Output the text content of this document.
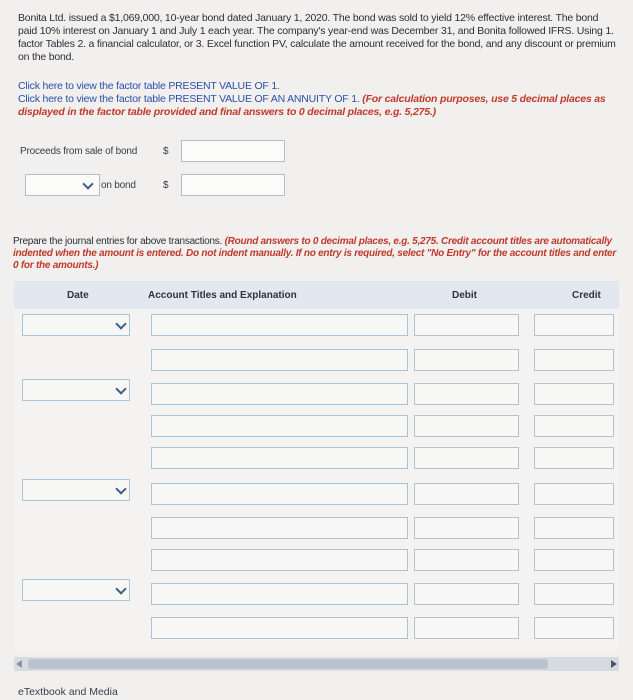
Bonita Ltd. issued a $1,069,000, 10-year bond dated January 1, 2020. The bond was sold to yield 12% effective interest. The bond paid 10% interest on January 1 and July 1 each year. The company's year-end was December 31, and Bonita followed IFRS. Using 1. factor Tables 2. a financial calculator, or 3. Excel function PV, calculate the amount received for the bond, and any discount or premium on the bond.
Click here to view the factor table PRESENT VALUE OF 1.
Click here to view the factor table PRESENT VALUE OF AN ANNUITY OF 1. (For calculation purposes, use 5 decimal places as displayed in the factor table provided and final answers to 0 decimal places, e.g. 5,275.)
Proceeds from sale of bond	$
on bond	$
Prepare the journal entries for above transactions. (Round answers to 0 decimal places, e.g. 5,275. Credit account titles are automatically indented when the amount is entered. Do not indent manually. If no entry is required, select "No Entry" for the account titles and enter 0 for the amounts.)
Date	Account Titles and Explanation	Debit	Credit
eTextbook and Media
